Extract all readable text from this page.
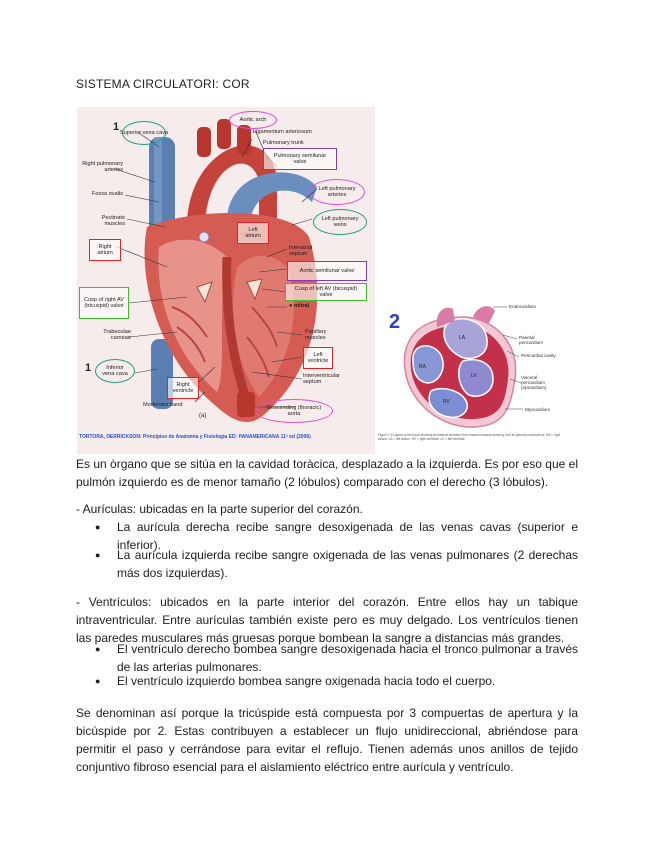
SISTEMA CIRCULATORI: COR
1
1
Superior vena cava
Aortic arch
Ligamentum arteriosum
Pulmonary trunk
Pulmonary semilunar valve
Right pulmonary arteries
Left pulmonary arteries
Fossa ovalis
Left pulmonary veins
Pectinate muscles
Left atrium
Right atrium
Interatrial septum
Aortic semilunar valve
Cusp of left AV (bicuspid) valve
Cusp of right AV (tricuspid) valve	● mitral
Trabeculae carneae
Papillary muscles
Left ventricle
Inferior vena cava	Interventricular septum
Right ventricle
Moderator band	Descending (thoracic) aorta
(a)
TORTORA, DERRICKSON: Principios de Anatomia y Fisiologia ED: PANAMERICANA 11ª ed (2006)
2
Endocardium
Parietal pericardium
Pericardial cavity
Visceral pericardium (epicardium)
Myocardium
LA
RA
LV
RV
Figure 2.9 Layers of the heart showing its internal structure from inward outward covering, and its general connections. RA = right atrium; LA = left atrium; RV = right ventricle; LV = left ventricle
Es un òrgano que se sitúa en la cavidad toràcica, desplazado a la izquierda. Es por eso que el pulmón izquierdo es de menor tamaño (2 lóbulos) comparado con el derecho (3 lóbulos).
- Aurículas: ubicadas en la parte superior del corazón.
● La aurícula derecha recibe sangre desoxigenada de las venas cavas (superior e inferior).
● La aurícula izquierda recibe sangre oxigenada de las venas pulmonares (2 derechas más dos izquierdas).
- Ventrículos: ubicados en la parte interior del corazón. Entre ellos hay un tabique intraventricular. Entre aurículas también existe pero es muy delgado. Los ventrículos tienen las paredes musculares más gruesas porque bombean la sangre a distancias más grandes.
● El ventrículo derecho bombea sangre desoxigenada hacia el tronco pulmonar a través de las arterias pulmonares.
● El ventrículo izquierdo bombea sangre oxigenada hacia todo el cuerpo.
Se denominan así porque la tricúspide está compuesta por 3 compuertas de apertura y la bicúspide por 2. Estas contribuyen a establecer un flujo unidireccional, abriéndose para permitir el paso y cerrándose para evitar el reflujo. Tienen además unos anillos de tejido conjuntivo fibroso esencial para el aislamiento eléctrico entre aurícula y ventrículo.
